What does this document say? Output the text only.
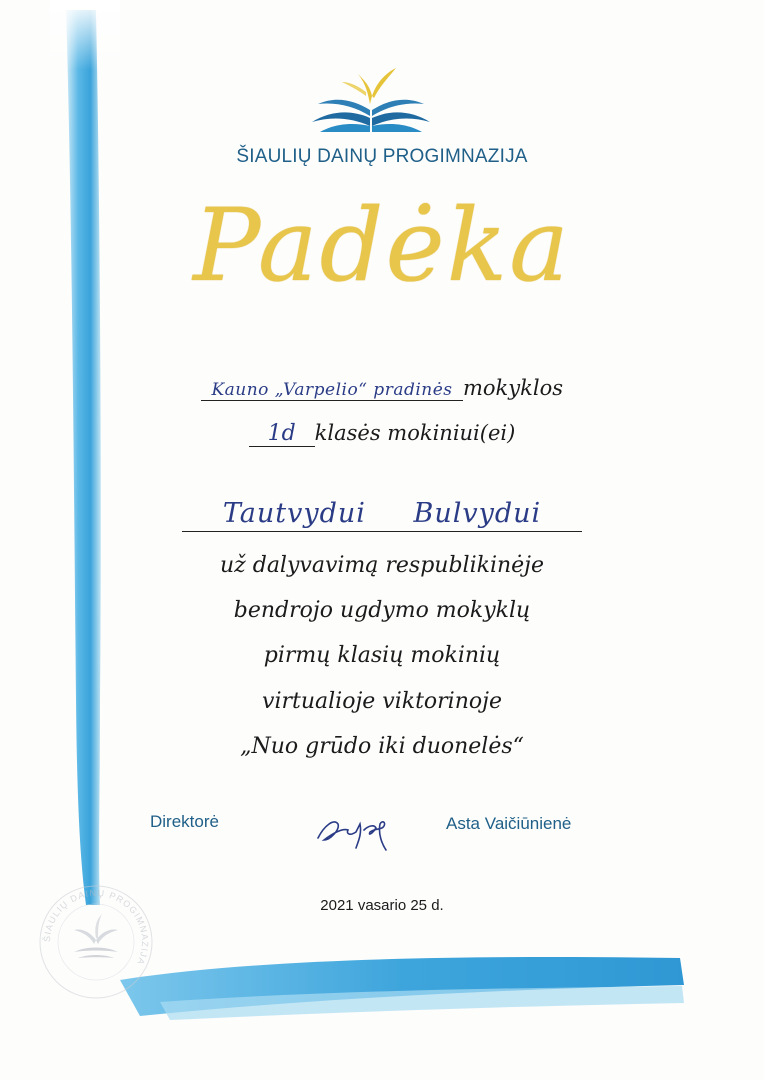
ŠIAULIŲ DAINŲ PROGIMNAZIJA
Padėka
Kauno „Varpelio“ pradinės mokyklos
1d klasės mokiniui(ei)
Tautvydui Bulvydui
už dalyvavimą respublikinėje
bendrojo ugdymo mokyklų
pirmų klasių mokinių
virtualioje viktorinoje
„Nuo grūdo iki duonelės“
Direktorė	Asta Vaičiūnienė
2021 vasario 25 d.
ŠIAULIŲ DAINŲ PROGIMNAZIJA
